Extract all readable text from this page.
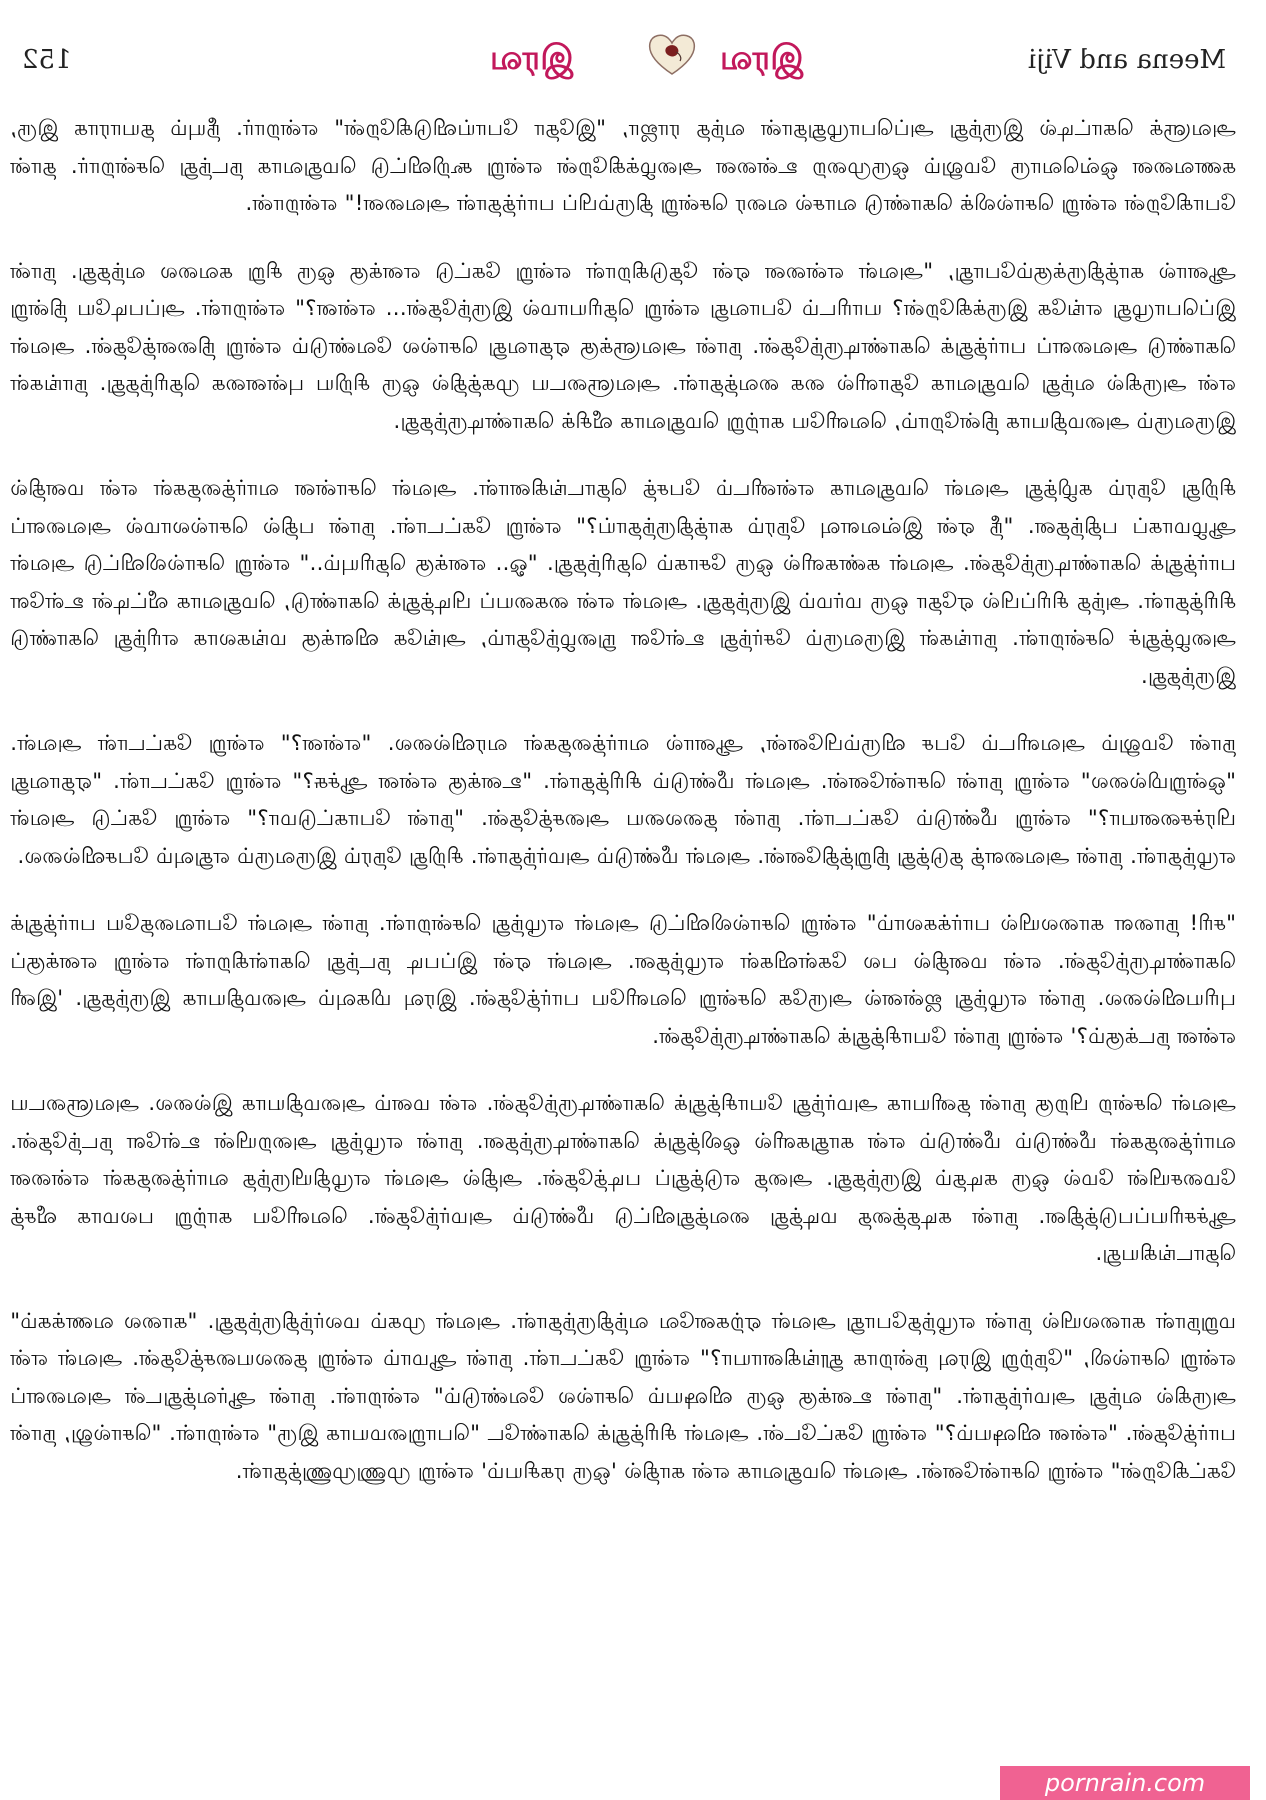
152	இரவ	இரவ	Meena and Viji

அவளுக் கொட்டில் இருந்து அப்பொழுதுதான் வந்த ராஜா, "இதோ போய்விடுகிறேன்" என்றார். நீயும் தயாராக இரு, கணவனை ஒவ்வொரு மேலும் ஒருமுறை உன்னை அழைக்கிறேன் என்று கூறிவிட்டு மெதுவாக நடந்து சென்றார். தான் போகிறேன் என்று சொல்லிக் கொண்டு வாசல் வரை சென்று திரும்பிப் பார்த்தாள் அவனை!" என்றான்.

ஆனால் காத்திருக்கும்போது, "அவள் என்னை ஏன் தேடுகிறாள் என்று கேட்டு எனக்கு ஒரு சிறு கவலை வந்தது. நான் இப்பொழுது எங்கே இருக்கிறேன்? யாரிடம் போவது என்று தெரியாமல் இருந்தேன்... என்ன?" என்றாள். அப்படியே நின்று கொண்டு அவளைப் பார்த்துக் கொண்டிருந்தேன். நான் அவளுக்கு ஏதாவது சொல்ல வேண்டும் என்று நினைத்தேன். அவள் என் அருகில் வந்து மெதுவாக தோளில் கை வைத்தாள். அவளுடைய முகத்தில் ஒரு சிறிய புன்னகை தெரிந்தது. நாங்கள் இருவரும் அமைதியாக நின்றோம், வெளியே காற்று மெதுவாக வீசிக் கொண்டிருந்தது.

சிறிது நேரம் கழித்து அவள் மெதுவாக என்னிடம் பேசத் தொடங்கினாள். அவள் சொன்ன வார்த்தைகள் என் மனதில் ஆழமாகப் பதிந்தன. "நீ ஏன் இவ்வளவு நேரம் காத்திருந்தாய்?" என்று கேட்டாள். நான் பதில் சொல்லாமல் அவளைப் பார்த்துக் கொண்டிருந்தேன். அவள் கண்களில் ஒரு சோகம் தெரிந்தது. "ஓ.. எனக்கு தெரியும்.." என்று சொல்லிவிட்டு அவள் சிரித்தாள். அந்த சிரிப்பில் ஏதோ ஒரு மர்மம் இருந்தது. அவள் என் கையைப் பிடித்துக் கொண்டு, மெதுவாக வீட்டின் உள்ளே அழைத்துச் சென்றாள். நாங்கள் இருவரும் சேர்ந்து உள்ளே நுழைந்தோம், அங்கே விளக்கு மங்கலாக எரிந்து கொண்டு இருந்தது.

நான் மேலும் அவளிடம் பேச விரும்பினேன், ஆனால் வார்த்தைகள் வரவில்லை. "என்ன?" என்று கேட்டாள் அவள். "ஒன்றுமில்லை" என்று நான் சொன்னேன். அவள் மீண்டும் சிரித்தாள். "உனக்கு என்ன ஆச்சு?" என்று கேட்டாள். "ஏதாவது பிரச்சனையா?" என்று மீண்டும் கேட்டாள். நான் தலையை அசைத்தேன். "நான் போகட்டுமா?" என்று கேட்டு அவள் எழுந்தாள். நான் அவளைத் தடுத்து நிறுத்தினேன். அவள் மீண்டும் அமர்ந்தாள். சிறிது நேரம் இருவரும் எதுவும் பேசவில்லை.

"சரி! நாளை காலையில் பார்க்கலாம்" என்று சொல்லிவிட்டு அவள் எழுந்து சென்றாள். நான் அவள் போவதையே பார்த்துக் கொண்டிருந்தேன். என் மனதில் பல கேள்விகள் எழுந்தன. அவள் ஏன் இப்படி நடந்து கொள்கிறாள் என்று எனக்குப் புரியவில்லை. நான் எழுந்து ஜன்னல் அருகே சென்று வெளியே பார்த்தேன். இரவு மிகவும் அமைதியாக இருந்தது. 'இனி என்ன நடக்கும்?' என்று நான் யோசித்துக் கொண்டிருந்தேன்.

அவள் சென்ற பிறகு நான் தனியாக அமர்ந்து யோசித்துக் கொண்டிருந்தேன். என் மனம் அமைதியாக இல்லை. அவளுடைய வார்த்தைகள் மீண்டும் மீண்டும் என் காதுகளில் ஒலித்துக் கொண்டிருந்தன. நான் எழுந்து அறையின் உள்ளே நடந்தேன். மேசையின் மேல் ஒரு கடிதம் இருந்தது. அதை எடுத்துப் படித்தேன். அதில் அவள் எழுதியிருந்த வார்த்தைகள் என்னை ஆச்சரியப்படுத்தின. நான் கடிதத்தை மடித்து வைத்துவிட்டு மீண்டும் அமர்ந்தேன். வெளியே காற்று பலமாக வீசத் தொடங்கியது.

மறுநாள் காலையில் நான் எழுந்தபோது அவள் ஏற்கனவே வந்திருந்தாள். அவள் முகம் மலர்ந்திருந்தது. "காலை வணக்கம்" என்று சொல்லி, "நேற்று இரவு நன்றாக தூங்கினாயா?" என்று கேட்டாள். நான் ஆமாம் என்று தலையசைத்தேன். அவள் என் அருகில் வந்து அமர்ந்தாள். "நான் உனக்கு ஒரு விஷயம் சொல்ல வேண்டும்" என்றாள். நான் ஆர்வத்துடன் அவளைப் பார்த்தேன். "என்ன விஷயம்?" என்று கேட்டேன். அவள் சிரித்துக் கொண்டே "பொறுமையாக இரு" என்றாள். "சொல்லு, நான் கேட்கிறேன்" என்று சொன்னேன். அவள் மெதுவாக என் காதில் 'ஒரு ரகசியம்' என்று முணுமுணுத்தாள்.

pornrain.com
